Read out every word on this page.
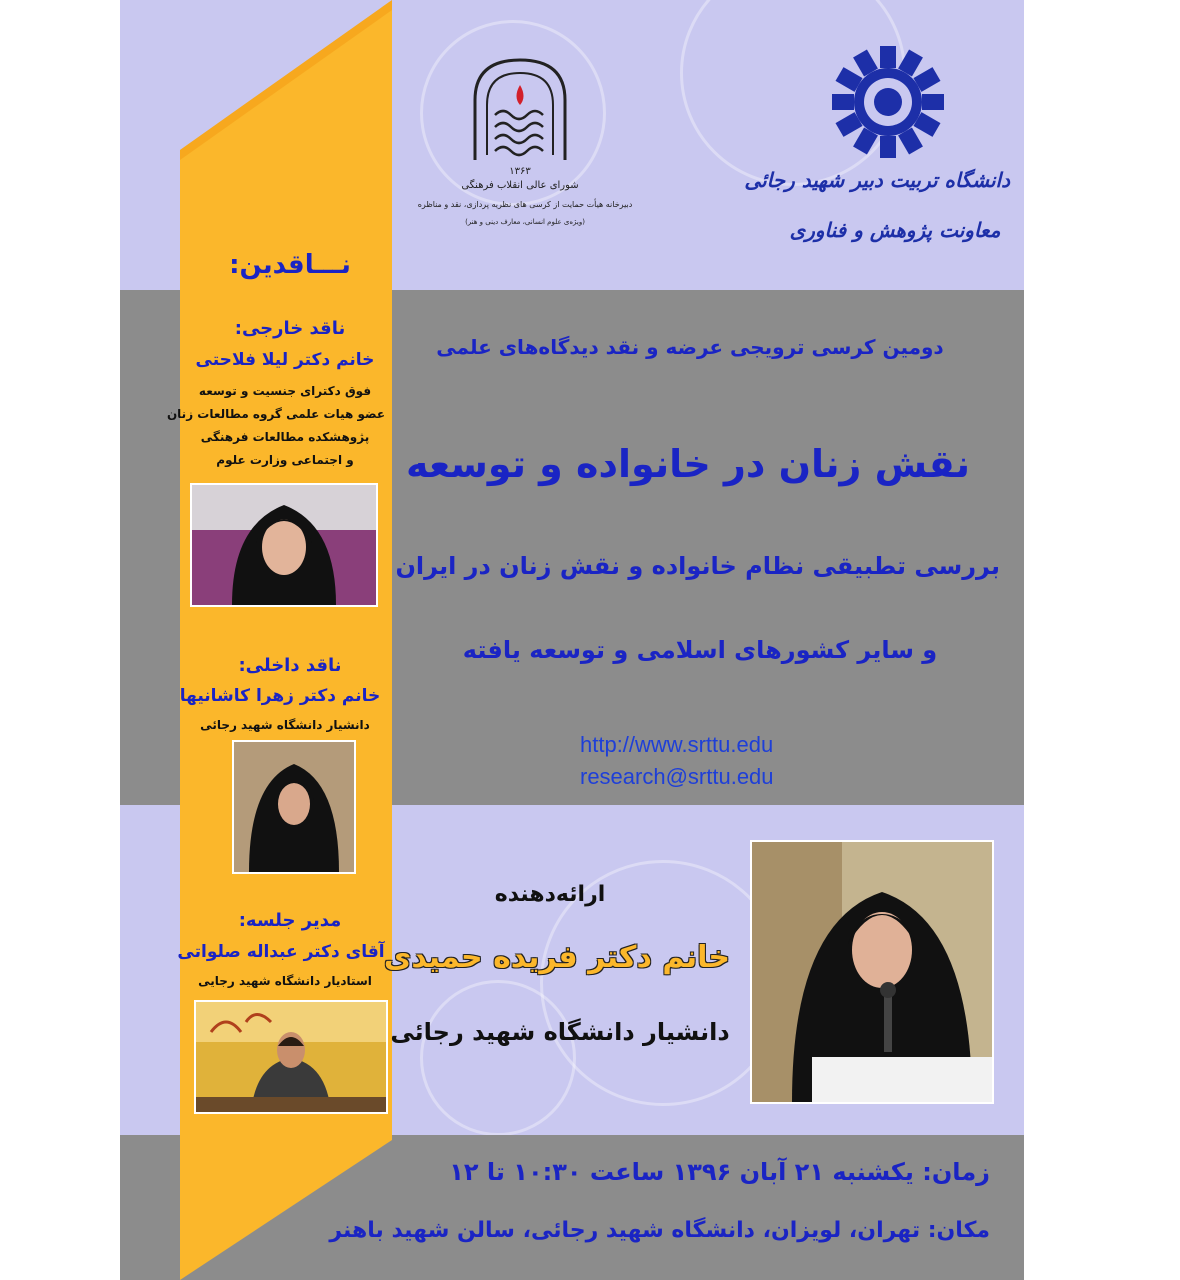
دانشگاه تربیت دبیر شهید رجائی
معاونت پژوهش و فناوری
۱۳۶۳
شورای عالی انقلاب فرهنگی
دبیرخانه هیأت حمایت از کرسی های نظریه پردازی، نقد و مناظره
(ویژه‌ی علوم انسانی، معارف دینی و هنر)
نـــاقدین:
ناقد خارجی:
خانم دکتر لیلا فلاحتی
فوق دکترای جنسیت و توسعه
عضو هیات علمی گروه مطالعات زنان
پژوهشکده مطالعات فرهنگی
و اجتماعی وزارت علوم
ناقد داخلی:
خانم دکتر زهرا کاشانیها
دانشیار دانشگاه شهید رجائی
مدیر جلسه:
آقای دکتر عبداله صلواتی
استادیار دانشگاه شهید رجایی
دومین کرسی ترویجی عرضه و نقد دیدگاه‌های علمی
نقش زنان در خانواده و توسعه
بررسی تطبیقی نظام خانواده و نقش زنان در ایران
و سایر کشورهای اسلامی و توسعه یافته
http://www.srttu.edu
research@srttu.edu
ارائه‌دهنده
خانم دکتر فریده حمیدی
دانشیار دانشگاه شهید رجائی
زمان: یکشنبه ۲۱ آبان ۱۳۹۶ ساعت ۱۰:۳۰ تا ۱۲
مکان: تهران، لویزان، دانشگاه شهید رجائی، سالن شهید باهنر
